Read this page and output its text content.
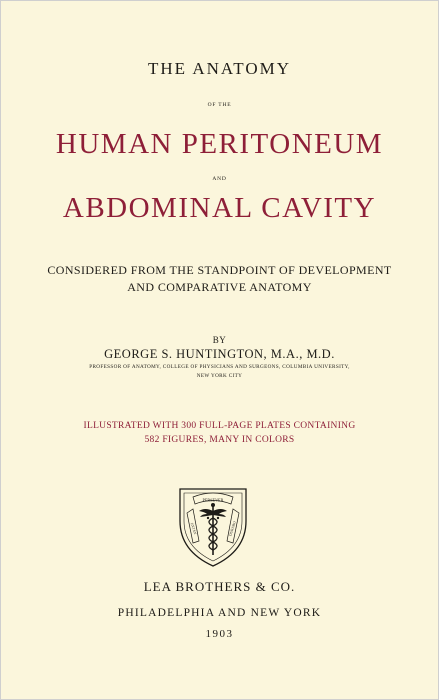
THE ANATOMY
OF THE
HUMAN PERITONEUM
AND
ABDOMINAL CAVITY
CONSIDERED FROM THE STANDPOINT OF DEVELOPMENT
AND COMPARATIVE ANATOMY
BY
GEORGE S. HUNTINGTON, M.A., M.D.
PROFESSOR OF ANATOMY, COLLEGE OF PHYSICIANS AND SURGEONS, COLUMBIA UNIVERSITY,
NEW YORK CITY
ILLUSTRATED WITH 300 FULL-PAGE PLATES CONTAINING
582 FIGURES, MANY IN COLORS
PERSEVER
EXTAN	DURABO
LEA BROTHERS & CO.
PHILADELPHIA AND NEW YORK
1903
